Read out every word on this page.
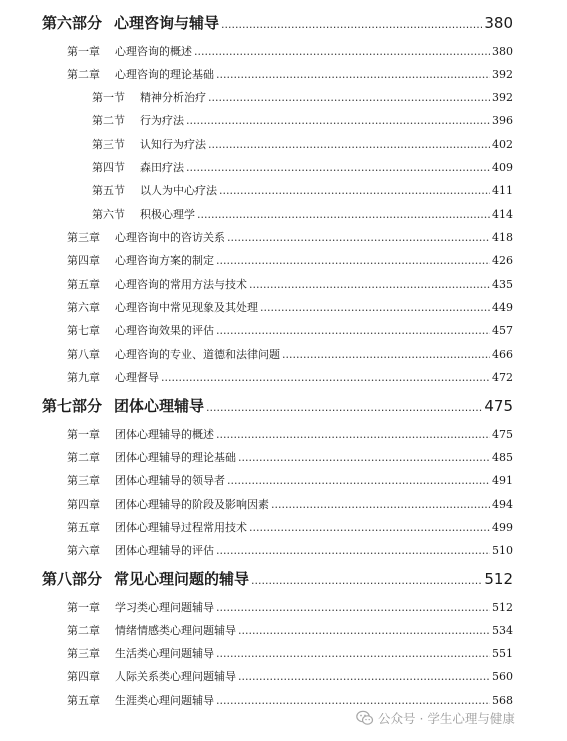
第六部分 心理咨询与辅导 .....	380
第一章	心理咨询的概述 .....	380
第二章	心理咨询的理论基础 .....	392
第一节	精神分析治疗 .....	392
第二节	行为疗法 .....	396
第三节	认知行为疗法 .....	402
第四节	森田疗法 .....	409
第五节	以人为中心疗法 .....	411
第六节	积极心理学 .....	414
第三章	心理咨询中的咨访关系 .....	418
第四章	心理咨询方案的制定 .....	426
第五章	心理咨询的常用方法与技术 .....	435
第六章	心理咨询中常见现象及其处理 .....	449
第七章	心理咨询效果的评估 .....	457
第八章	心理咨询的专业、道德和法律问题 .....	466
第九章	心理督导 .....	472
第七部分 团体心理辅导 .....	475
第一章	团体心理辅导的概述 .....	475
第二章	团体心理辅导的理论基础 .....	485
第三章	团体心理辅导的领导者 .....	491
第四章	团体心理辅导的阶段及影响因素 .....	494
第五章	团体心理辅导过程常用技术 .....	499
第六章	团体心理辅导的评估 .....	510
第八部分 常见心理问题的辅导 .....	512
第一章	学习类心理问题辅导 .....	512
第二章	情绪情感类心理问题辅导 .....	534
第三章	生活类心理问题辅导 .....	551
第四章	人际关系类心理问题辅导 .....	560
第五章	生涯类心理问题辅导 .....	568
公众号 · 学生心理与健康
